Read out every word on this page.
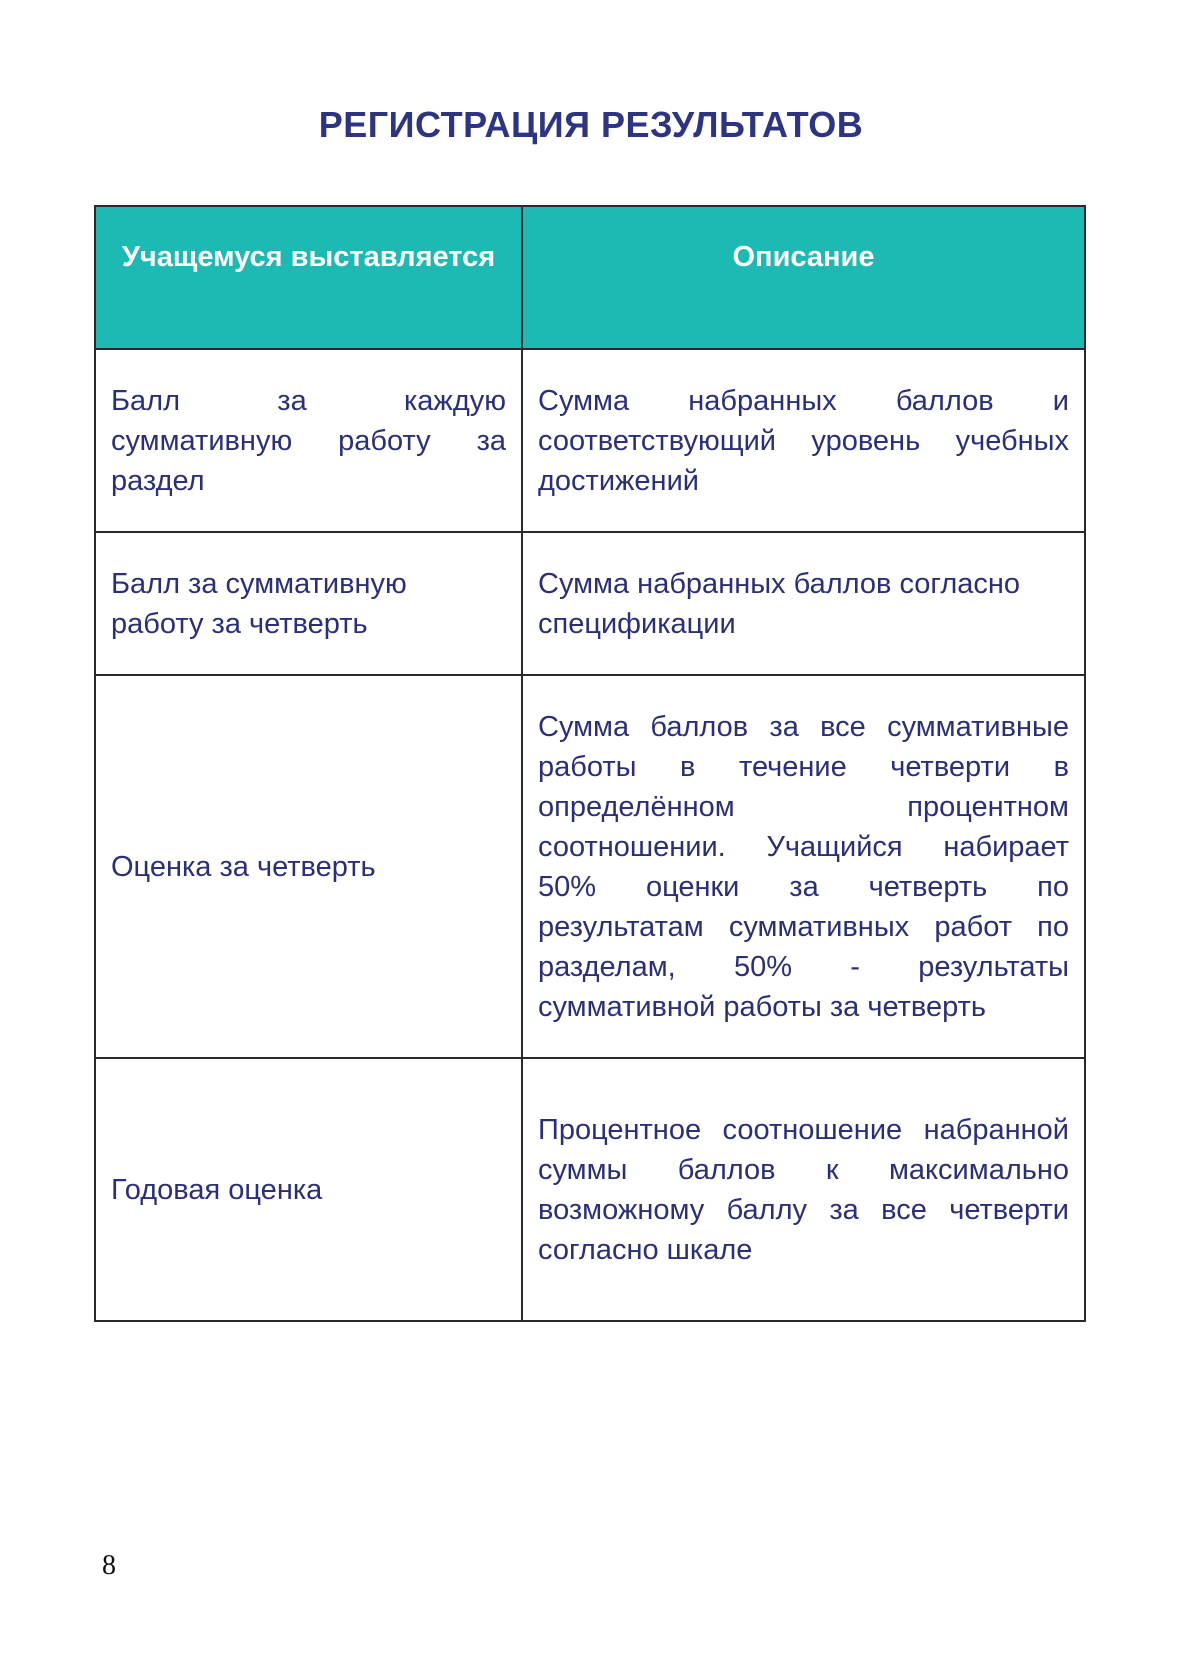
РЕГИСТРАЦИЯ РЕЗУЛЬТАТОВ
Учащемуся выставляется	Описание
Балл за каждую суммативную работу за раздел	Сумма набранных баллов и соответствующий уровень учебных достижений
Балл за суммативную работу за четверть	Сумма набранных баллов согласно спецификации
Оценка за четверть	Сумма баллов за все суммативные работы в течение четверти в определённом процентном соотношении. Учащийся набирает 50% оценки за четверть по результатам суммативных работ по разделам, 50% - результаты суммативной работы за четверть
Годовая оценка	Процентное соотношение набранной суммы баллов к максимально возможному баллу за все четверти согласно шкале
8
